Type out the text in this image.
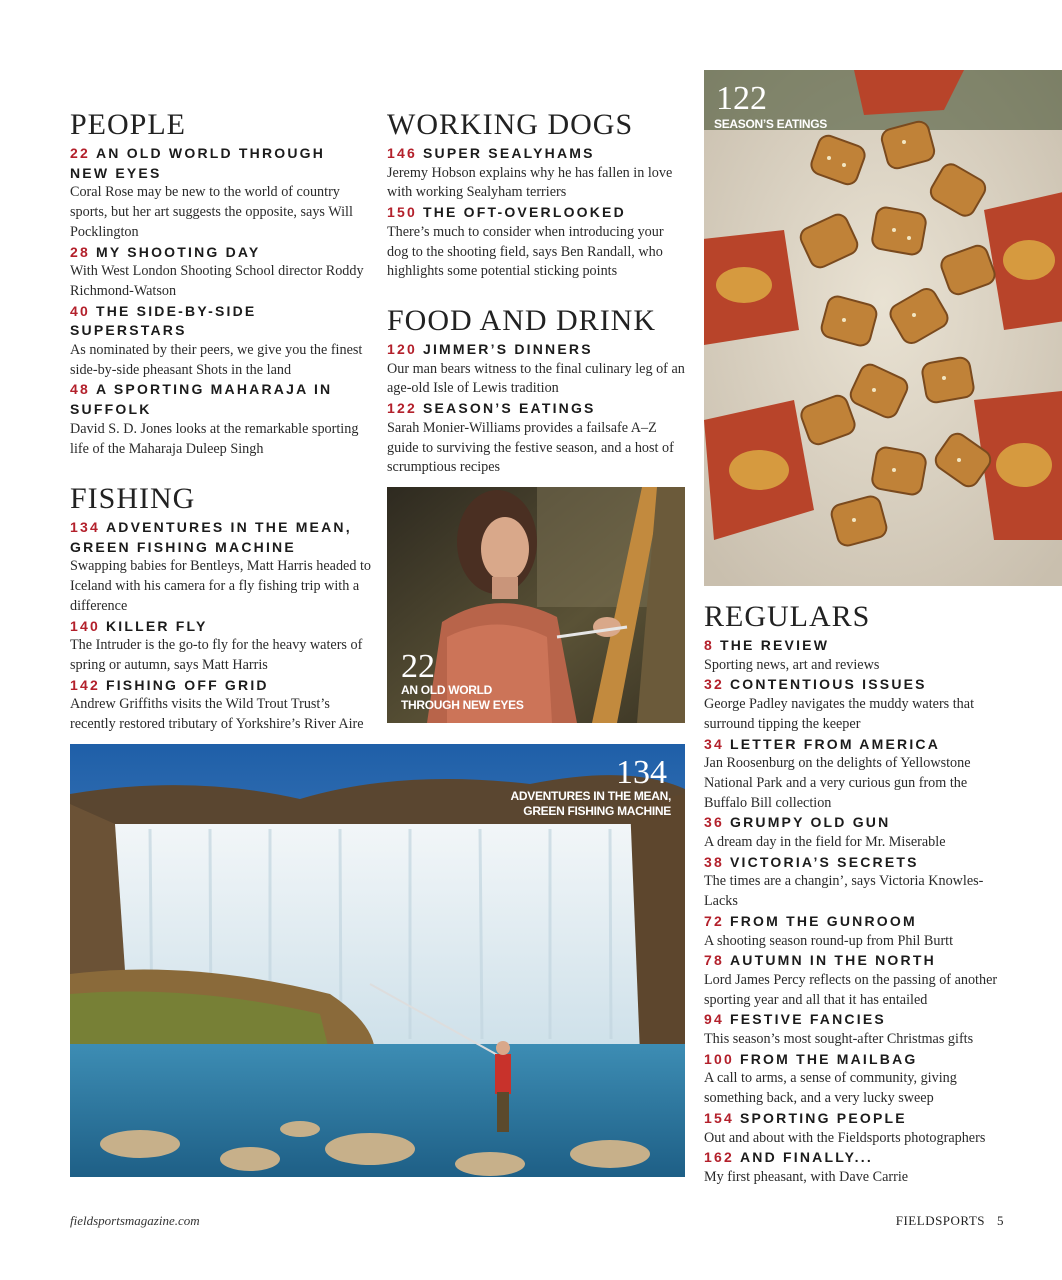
PEOPLE
22 AN OLD WORLD THROUGH NEW EYES
Coral Rose may be new to the world of country sports, but her art suggests the opposite, says Will Pocklington
28 MY SHOOTING DAY
With West London Shooting School director Roddy Richmond-Watson
40 THE SIDE-BY-SIDE SUPERSTARS
As nominated by their peers, we give you the finest side-by-side pheasant Shots in the land
48 A SPORTING MAHARAJA IN SUFFOLK
David S. D. Jones looks at the remarkable sporting life of the Maharaja Duleep Singh
FISHING
134 ADVENTURES IN THE MEAN, GREEN FISHING MACHINE
Swapping babies for Bentleys, Matt Harris headed to Iceland with his camera for a fly fishing trip with a difference
140 KILLER FLY
The Intruder is the go-to fly for the heavy waters of spring or autumn, says Matt Harris
142 FISHING OFF GRID
Andrew Griffiths visits the Wild Trout Trust’s recently restored tributary of Yorkshire’s River Aire
WORKING DOGS
146 SUPER SEALYHAMS
Jeremy Hobson explains why he has fallen in love with working Sealyham terriers
150 THE OFT-OVERLOOKED
There’s much to consider when introducing your dog to the shooting field, says Ben Randall, who highlights some potential sticking points
FOOD AND DRINK
120 JIMMER’S DINNERS
Our man bears witness to the final culinary leg of an age-old Isle of Lewis tradition
122 SEASON’S EATINGS
Sarah Monier-Williams provides a failsafe A–Z guide to surviving the festive season, and a host of scrumptious recipes
REGULARS
8 THE REVIEW
Sporting news, art and reviews
32 CONTENTIOUS ISSUES
George Padley navigates the muddy waters that surround tipping the keeper
34 LETTER FROM AMERICA
Jan Roosenburg on the delights of Yellowstone National Park and a very curious gun from the Buffalo Bill collection
36 GRUMPY OLD GUN
A dream day in the field for Mr. Miserable
38 VICTORIA’S SECRETS
The times are a changin’, says Victoria Knowles-Lacks
72 FROM THE GUNROOM
A shooting season round-up from Phil Burtt
78 AUTUMN IN THE NORTH
Lord James Percy reflects on the passing of another sporting year and all that it has entailed
94 FESTIVE FANCIES
This season’s most sought-after Christmas gifts
100 FROM THE MAILBAG
A call to arms, a sense of community, giving something back, and a very lucky sweep
154 SPORTING PEOPLE
Out and about with the Fieldsports photographers
162 AND FINALLY...
My first pheasant, with Dave Carrie
122
SEASON’S EATINGS
22
AN OLD WORLD THROUGH NEW EYES
134
ADVENTURES IN THE MEAN, GREEN FISHING MACHINE
fieldsportsmagazine.com	FIELDSPORTS 5
